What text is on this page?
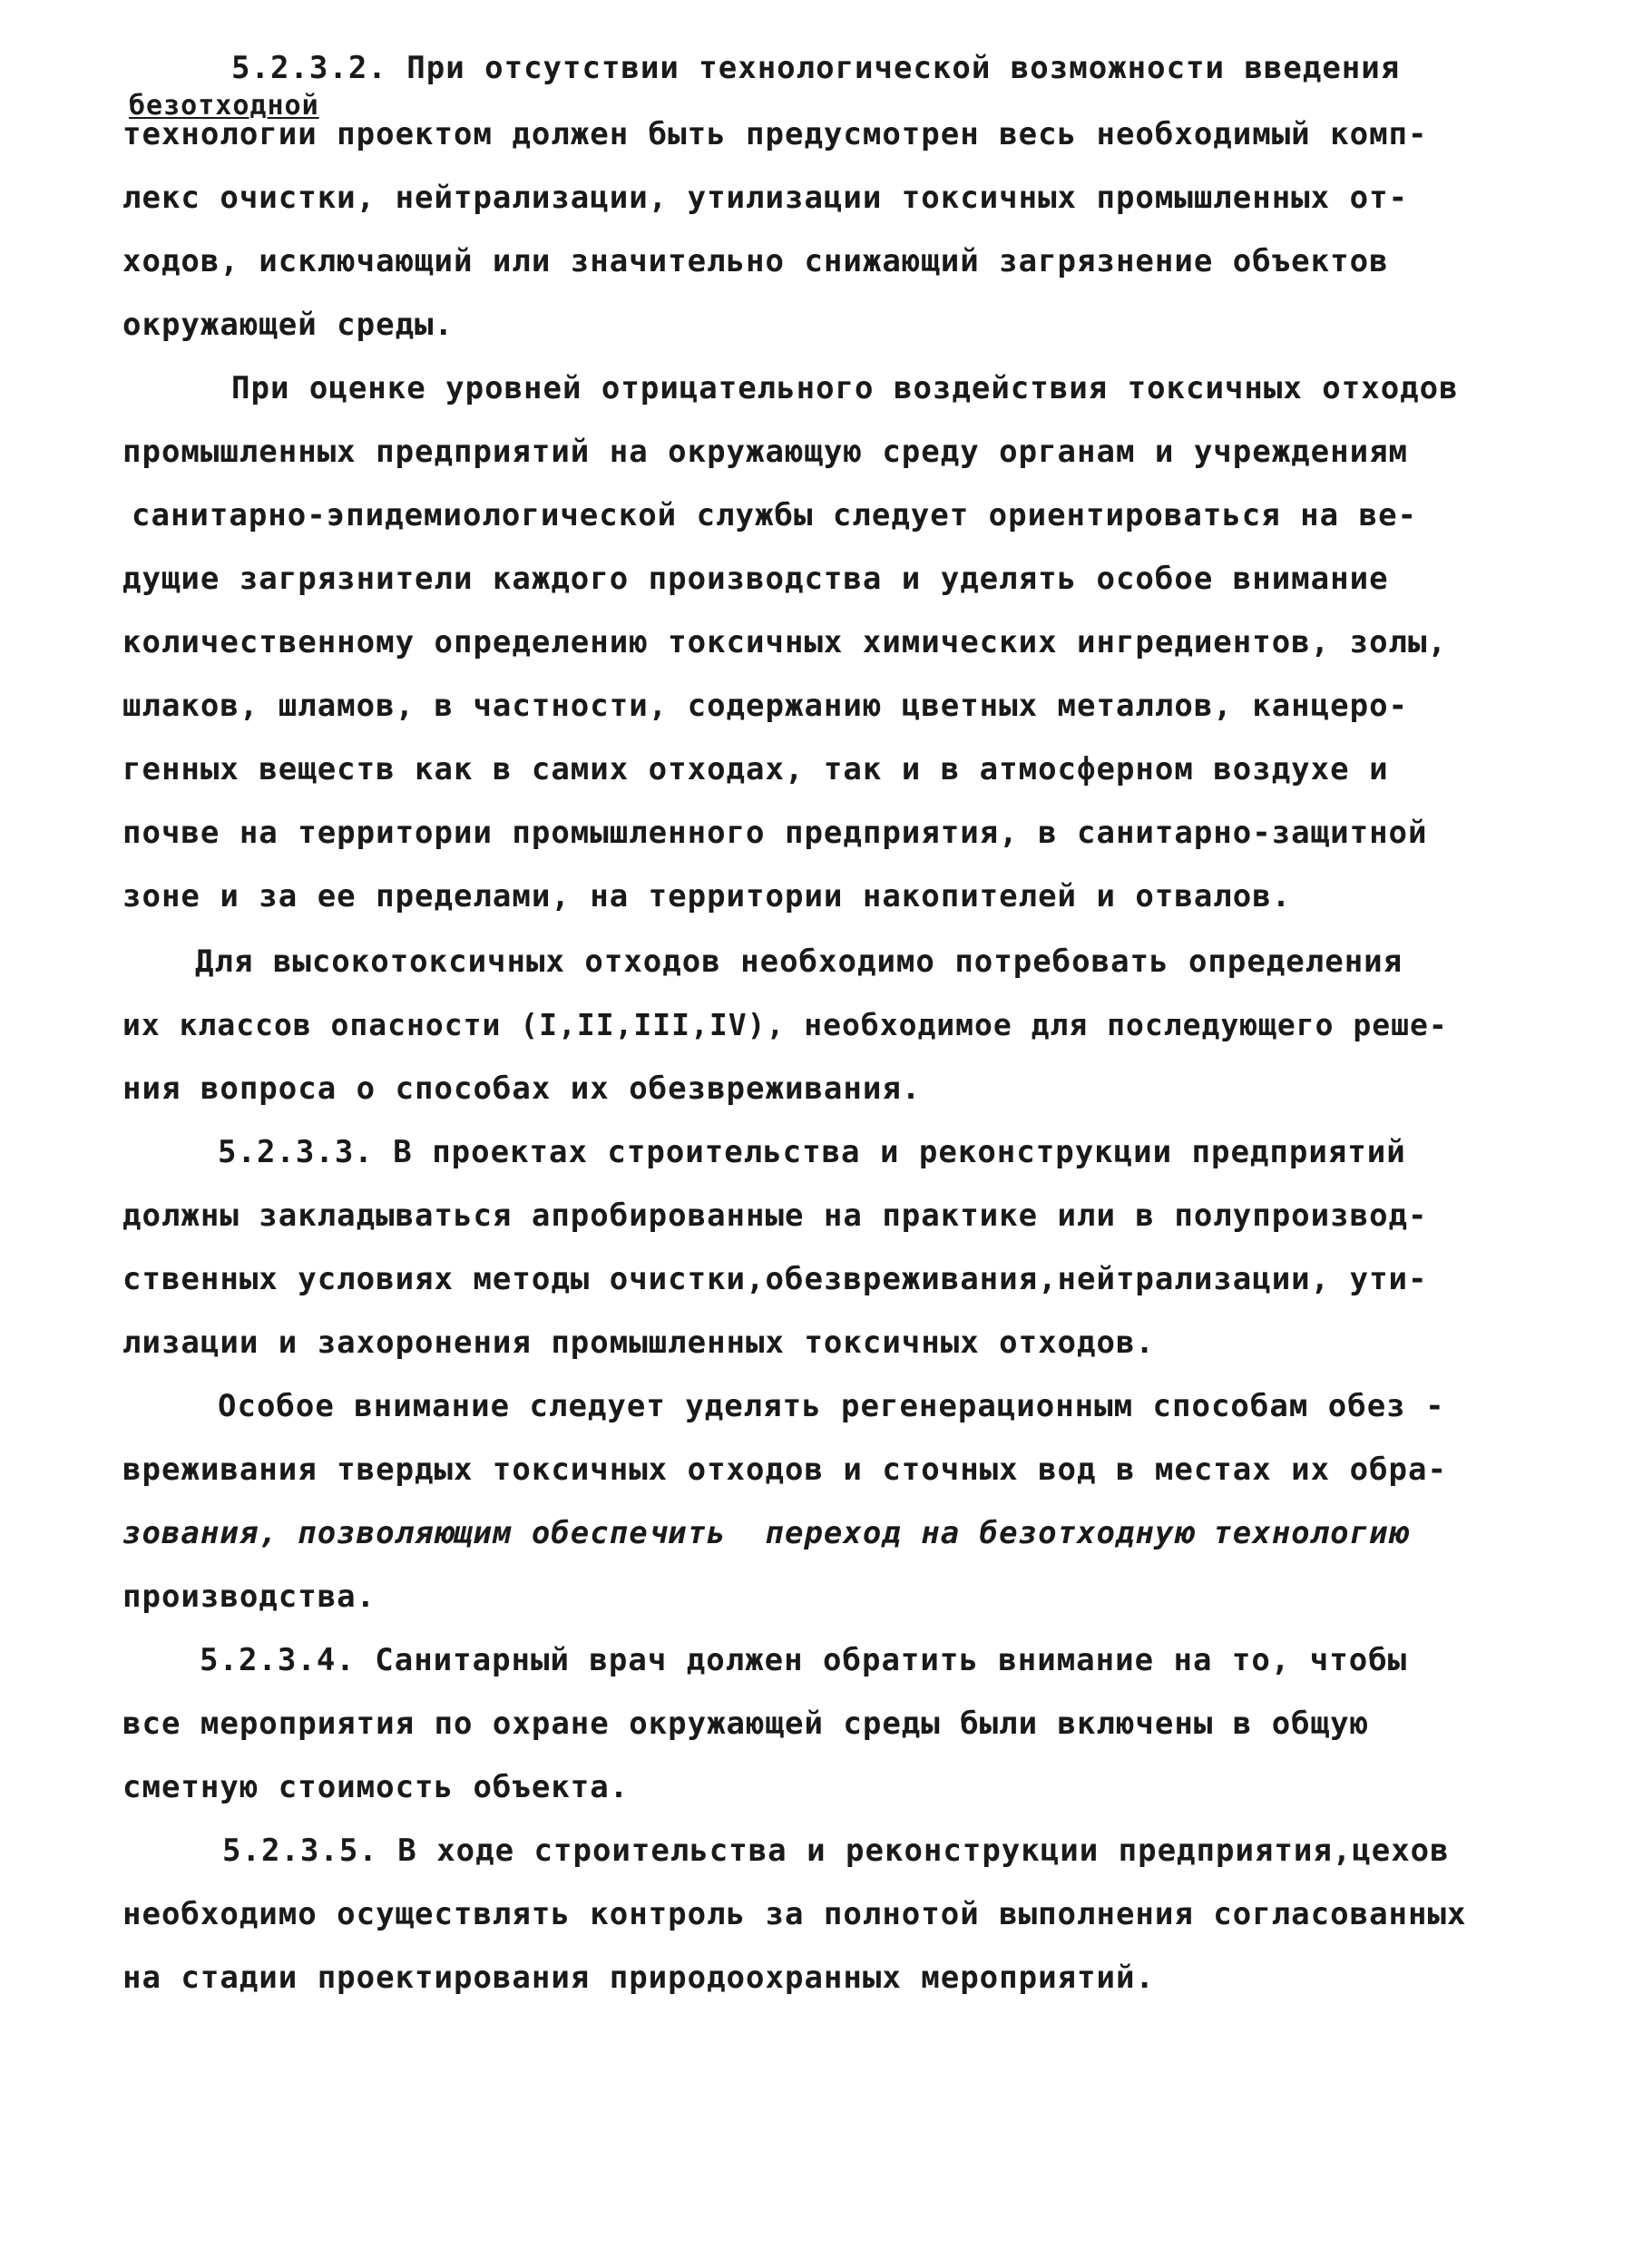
5.2.3.2. При отсутствии технологической возможности введения
безотходной
технологии проектом должен быть предусмотрен весь необходимый комп-
лекс очистки, нейтрализации, утилизации токсичных промышленных от-
ходов, исключающий или значительно снижающий загрязнение объектов
окружающей среды.
При оценке уровней отрицательного воздействия токсичных отходов
промышленных предприятий на окружающую среду органам и учреждениям
санитарно-эпидемиологической службы следует ориентироваться на ве-
дущие загрязнители каждого производства и уделять особое внимание
количественному определению токсичных химических ингредиентов, золы,
шлаков, шламов, в частности, содержанию цветных металлов, канцеро-
генных веществ как в самих отходах, так и в атмосферном воздухе и
почве на территории промышленного предприятия, в санитарно-защитной
зоне и за ее пределами, на территории накопителей и отвалов.
Для высокотоксичных отходов необходимо потребовать определения
их классов опасности (I,II,III,IV), необходимое для последующего реше-
ния вопроса о способах их обезвреживания.
5.2.3.3. В проектах строительства и реконструкции предприятий
должны закладываться апробированные на практике или в полупроизвод-
ственных условиях методы очистки,обезвреживания,нейтрализации, ути-
лизации и захоронения промышленных токсичных отходов.
Особое внимание следует уделять регенерационным способам обез -
вреживания твердых токсичных отходов и сточных вод в местах их обра-
зования, позволяющим обеспечить  переход на безотходную технологию
производства.
5.2.3.4. Санитарный врач должен обратить внимание на то, чтобы
все мероприятия по охране окружающей среды были включены в общую
сметную стоимость объекта.
5.2.3.5. В ходе строительства и реконструкции предприятия,цехов
необходимо осуществлять контроль за полнотой выполнения согласованных
на стадии проектирования природоохранных мероприятий.
